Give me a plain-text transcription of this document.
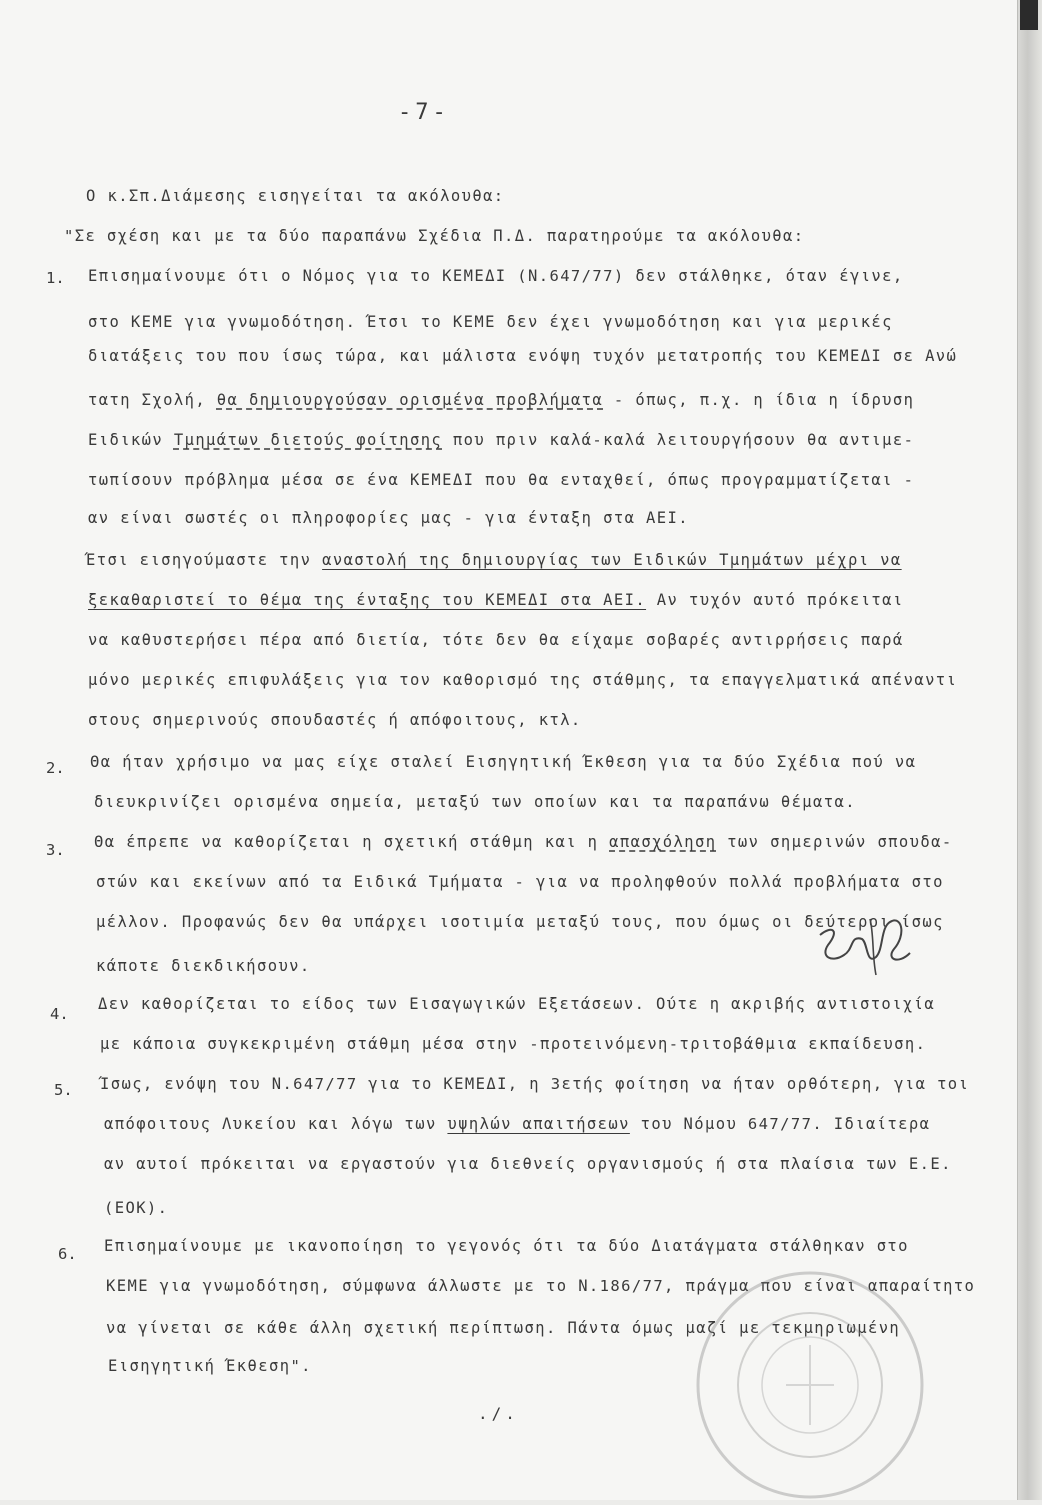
-7-
Ο κ.Σπ.Διάμεσης εισηγείται τα ακόλουθα:
"Σε σχέση και με τα δύο παραπάνω Σχέδια Π.Δ. παρατηρούμε τα ακόλουθα:
1. Επισημαίνουμε ότι ο Νόμος για το ΚΕΜΕΔΙ (Ν.647/77) δεν στάλθηκε, όταν έγινε,
στο ΚΕΜΕ για γνωμοδότηση. Έτσι το ΚΕΜΕ δεν έχει γνωμοδότηση και για μερικές
διατάξεις του που ίσως τώρα, και μάλιστα ενόψη τυχόν μετατροπής του ΚΕΜΕΔΙ σε Ανώ
τατη Σχολή, θα δημιουργούσαν ορισμένα προβλήματα - όπως, π.χ. η ίδια η ίδρυση
Ειδικών Τμημάτων διετούς φοίτησης που πριν καλά-καλά λειτουργήσουν θα αντιμε-
τωπίσουν πρόβλημα μέσα σε ένα ΚΕΜΕΔΙ που θα ενταχθεί, όπως προγραμματίζεται -
αν είναι σωστές οι πληροφορίες μας - για ένταξη στα ΑΕΙ.
Έτσι εισηγούμαστε την αναστολή της δημιουργίας των Ειδικών Τμημάτων μέχρι να
ξεκαθαριστεί το θέμα της ένταξης του ΚΕΜΕΔΙ στα ΑΕΙ. Αν τυχόν αυτό πρόκειται
να καθυστερήσει πέρα από διετία, τότε δεν θα είχαμε σοβαρές αντιρρήσεις παρά
μόνο μερικές επιφυλάξεις για τον καθορισμό της στάθμης, τα επαγγελματικά απέναντι
στους σημερινούς σπουδαστές ή απόφοιτους, κτλ.
2. Θα ήταν χρήσιμο να μας είχε σταλεί Εισηγητική Έκθεση για τα δύο Σχέδια πού να
διευκρινίζει ορισμένα σημεία, μεταξύ των οποίων και τα παραπάνω θέματα.
3. Θα έπρεπε να καθορίζεται η σχετική στάθμη και η απασχόληση των σημερινών σπουδα-
στών και εκείνων από τα Ειδικά Τμήματα - για να προληφθούν πολλά προβλήματα στο
μέλλον. Προφανώς δεν θα υπάρχει ισοτιμία μεταξύ τους, που όμως οι δεύτεροι ίσως
κάποτε διεκδικήσουν.
4.
Δεν καθορίζεται το είδος των Εισαγωγικών Εξετάσεων. Ούτε η ακριβής αντιστοιχία
με κάποια συγκεκριμένη στάθμη μέσα στην -προτεινόμενη-τριτοβάθμια εκπαίδευση.
5. Ίσως, ενόψη του Ν.647/77 για το ΚΕΜΕΔΙ, η 3ετής φοίτηση να ήταν ορθότερη, για τοι
απόφοιτους Λυκείου και λόγω των υψηλών απαιτήσεων του Νόμου 647/77. Ιδιαίτερα
αν αυτοί πρόκειται να εργαστούν για διεθνείς οργανισμούς ή στα πλαίσια των Ε.Ε.
(ΕΟΚ).
6. Επισημαίνουμε με ικανοποίηση το γεγονός ότι τα δύο Διατάγματα στάλθηκαν στο
ΚΕΜΕ για γνωμοδότηση, σύμφωνα άλλωστε με το Ν.186/77, πράγμα που είναι απαραίτητο
να γίνεται σε κάθε άλλη σχετική περίπτωση. Πάντα όμως μαζί με τεκμηριωμένη
Εισηγητική Έκθεση".
./.
